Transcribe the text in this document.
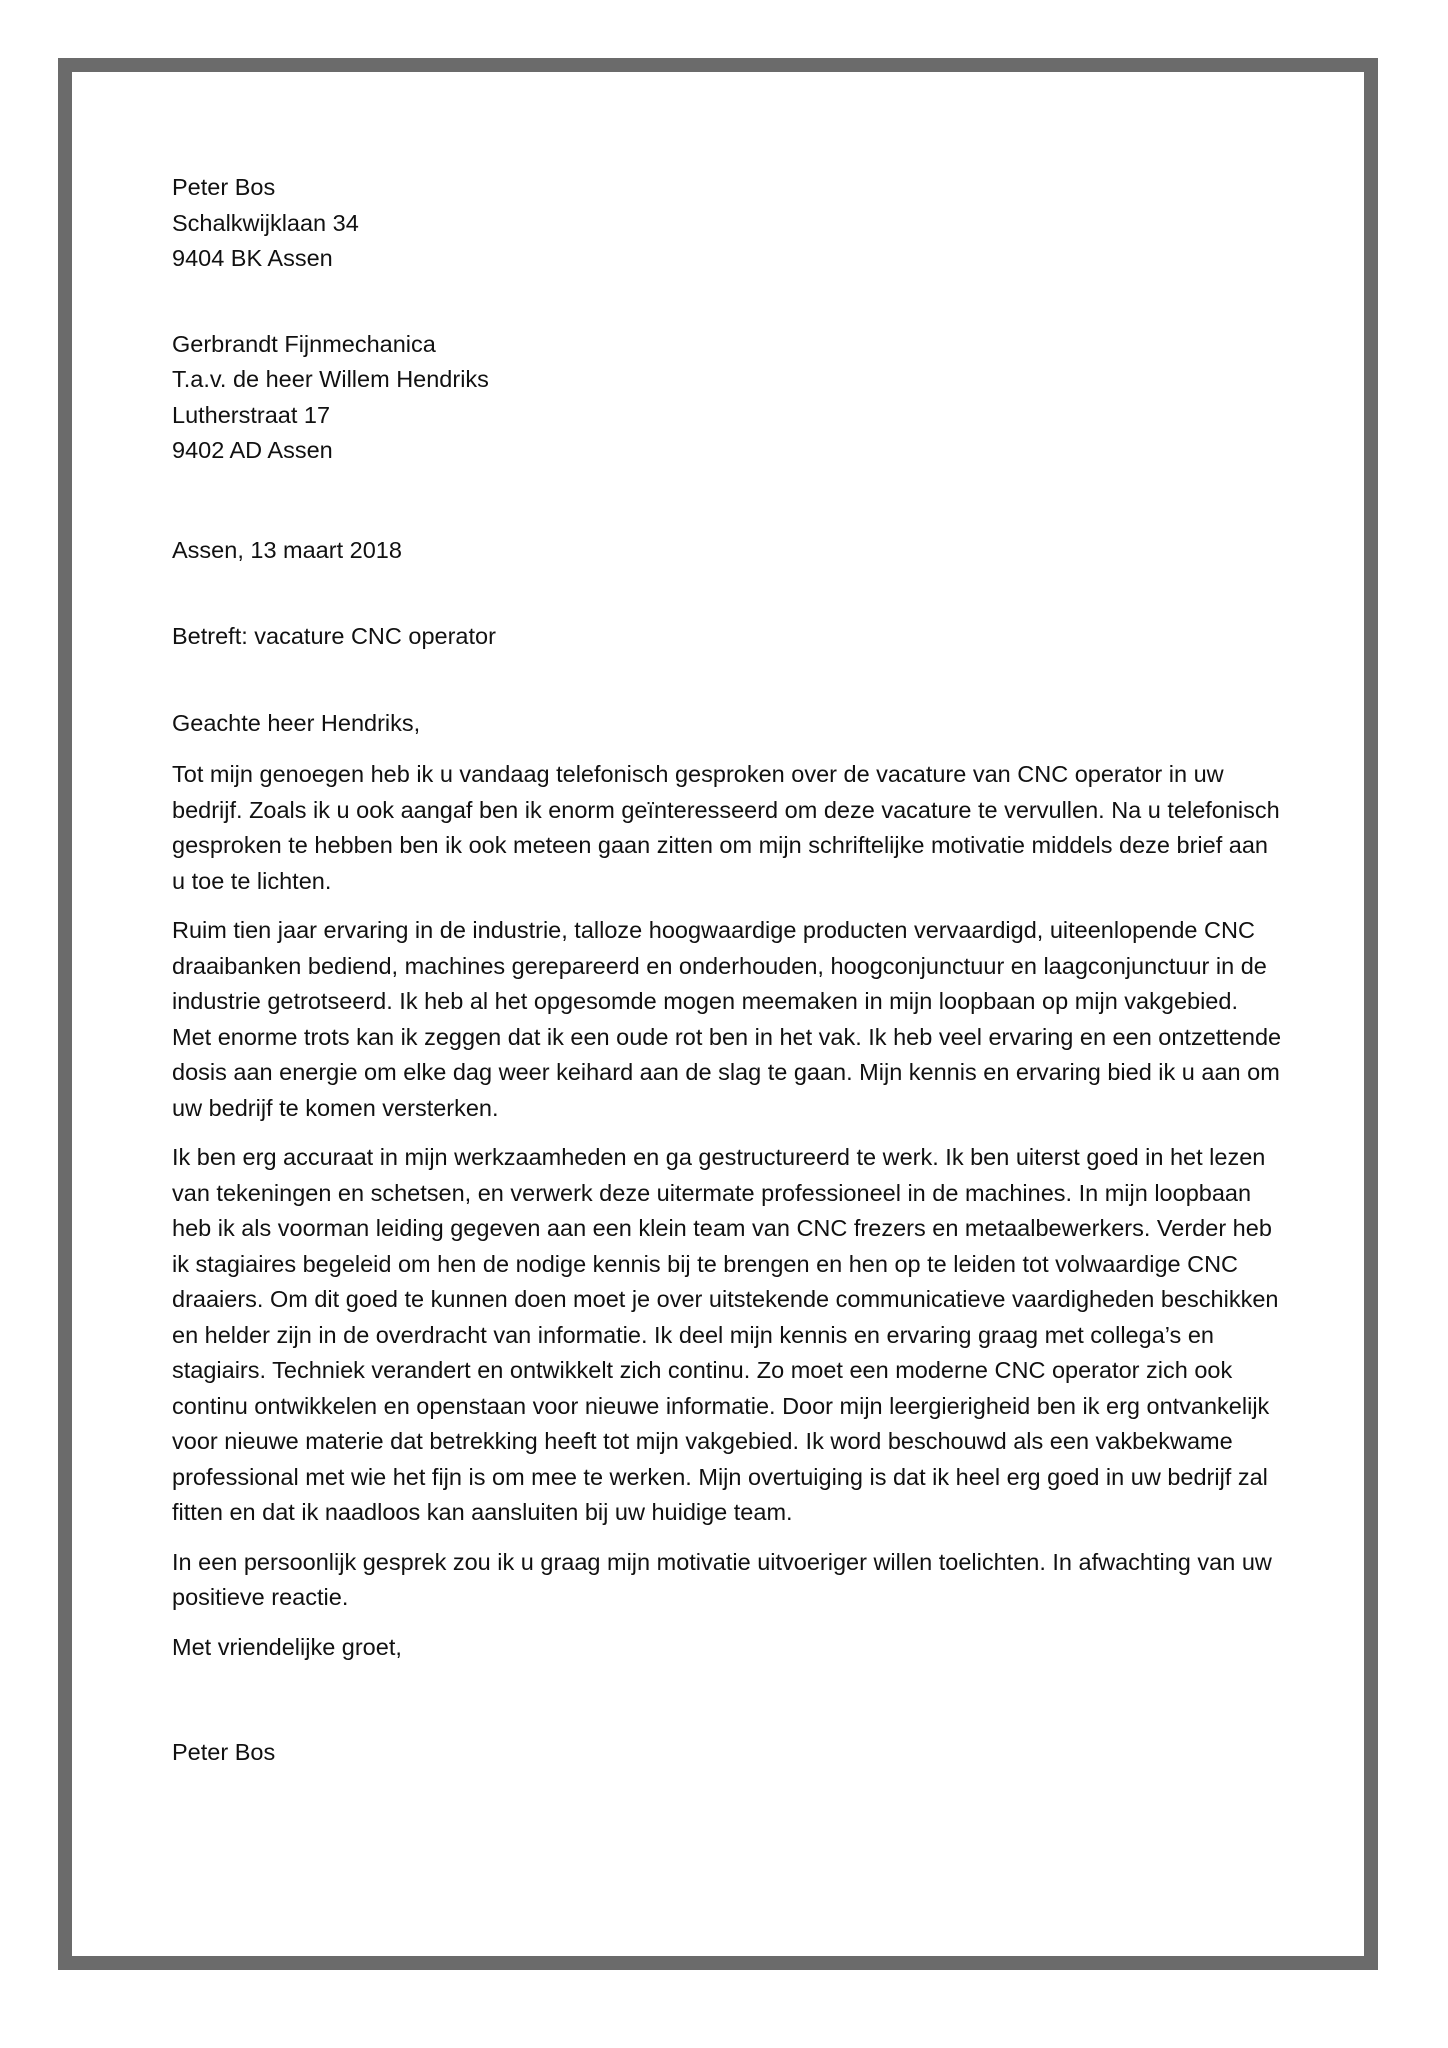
Peter Bos
Schalkwijklaan 34
9404 BK Assen
Gerbrandt Fijnmechanica
T.a.v. de heer Willem Hendriks
Lutherstraat 17
9402 AD Assen
Assen, 13 maart 2018
Betreft: vacature CNC operator
Geachte heer Hendriks,

Tot mijn genoegen heb ik u vandaag telefonisch gesproken over de vacature van CNC operator in uw bedrijf. Zoals ik u ook aangaf ben ik enorm geïnteresseerd om deze vacature te vervullen. Na u telefonisch gesproken te hebben ben ik ook meteen gaan zitten om mijn schriftelijke motivatie middels deze brief aan u toe te lichten.

Ruim tien jaar ervaring in de industrie, talloze hoogwaardige producten vervaardigd, uiteenlopende CNC draaibanken bediend, machines gerepareerd en onderhouden, hoogconjunctuur en laagconjunctuur in de industrie getrotseerd. Ik heb al het opgesomde mogen meemaken in mijn loopbaan op mijn vakgebied. Met enorme trots kan ik zeggen dat ik een oude rot ben in het vak. Ik heb veel ervaring en een ontzettende dosis aan energie om elke dag weer keihard aan de slag te gaan. Mijn kennis en ervaring bied ik u aan om uw bedrijf te komen versterken.

Ik ben erg accuraat in mijn werkzaamheden en ga gestructureerd te werk. Ik ben uiterst goed in het lezen van tekeningen en schetsen, en verwerk deze uitermate professioneel in de machines. In mijn loopbaan heb ik als voorman leiding gegeven aan een klein team van CNC frezers en metaalbewerkers. Verder heb ik stagiaires begeleid om hen de nodige kennis bij te brengen en hen op te leiden tot volwaardige CNC draaiers. Om dit goed te kunnen doen moet je over uitstekende communicatieve vaardigheden beschikken en helder zijn in de overdracht van informatie. Ik deel mijn kennis en ervaring graag met collega’s en stagiairs. Techniek verandert en ontwikkelt zich continu. Zo moet een moderne CNC operator zich ook continu ontwikkelen en openstaan voor nieuwe informatie. Door mijn leergierigheid ben ik erg ontvankelijk voor nieuwe materie dat betrekking heeft tot mijn vakgebied. Ik word beschouwd als een vakbekwame professional met wie het fijn is om mee te werken. Mijn overtuiging is dat ik heel erg goed in uw bedrijf zal fitten en dat ik naadloos kan aansluiten bij uw huidige team.

In een persoonlijk gesprek zou ik u graag mijn motivatie uitvoeriger willen toelichten. In afwachting van uw positieve reactie.

Met vriendelijke groet,
Peter Bos
